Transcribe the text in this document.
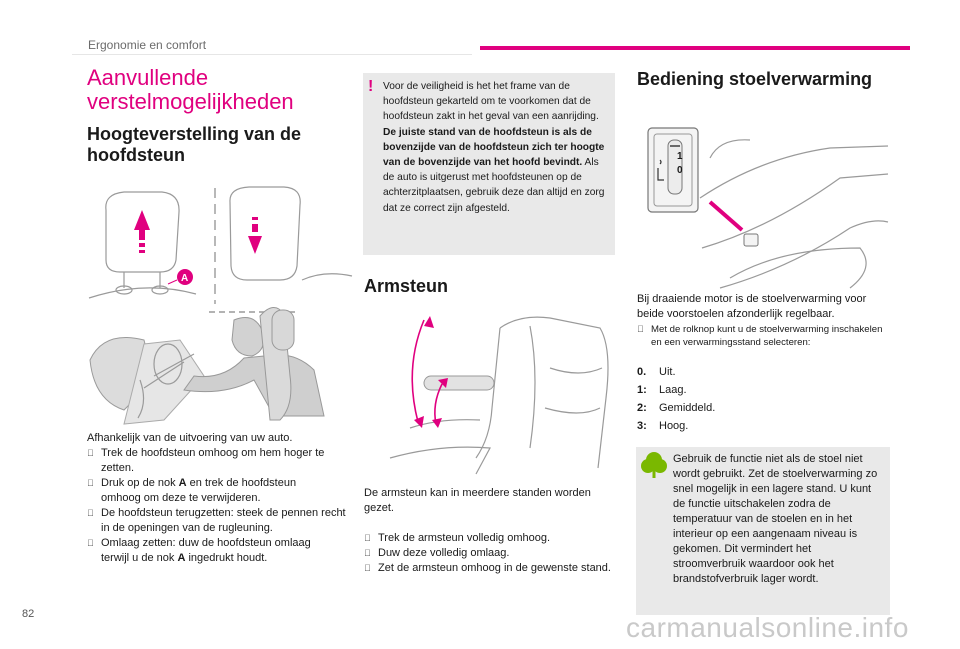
Ergonomie en comfort
Aanvullende verstelmogelijkheden
Hoogteverstelling van de hoofdsteun
A
Afhankelijk van de uitvoering van uw auto.
Trek de hoofdsteun omhoog om hem hoger te zetten.
Druk op de nok A en trek de hoofdsteun
omhoog om deze te verwijderen.
De hoofdsteun terugzetten: steek de pennen recht in de openingen van de rugleuning.
Omlaag zetten: duw de hoofdsteun omlaag
terwijl u de nok A ingedrukt houdt.
! Voor de veiligheid is het het frame van de hoofdsteun gekarteld om te voorkomen dat de hoofdsteun zakt in het geval van een aanrijding. De juiste stand van de hoofdsteun is als de bovenzijde van de hoofdsteun zich ter hoogte van de bovenzijde van het hoofd bevindt. Als de auto is uitgerust met hoofdsteunen op de achterzitplaatsen, gebruik deze dan altijd en zorg dat ze correct zijn afgesteld.
Armsteun
De armsteun kan in meerdere standen worden gezet.
Trek de armsteun volledig omhoog.
Duw deze volledig omlaag.
Zet de armsteun omhoog in de gewenste stand.
Bediening stoelverwarming
1
0
Bij draaiende motor is de stoelverwarming voor beide voorstoelen afzonderlijk regelbaar.
Met de rolknop kunt u de stoelverwarming inschakelen en een verwarmingsstand selecteren:
0. Uit.
1: Laag.
2: Gemiddeld.
3: Hoog.
Gebruik de functie niet als de stoel niet wordt gebruikt. Zet de stoelverwarming zo snel mogelijk in een lagere stand. U kunt de functie uitschakelen zodra de temperatuur van de stoelen en in het interieur op een aangenaam niveau is gekomen. Dit vermindert het stroomverbruik waardoor ook het brandstofverbruik lager wordt.
82	carmanualsonline.info
